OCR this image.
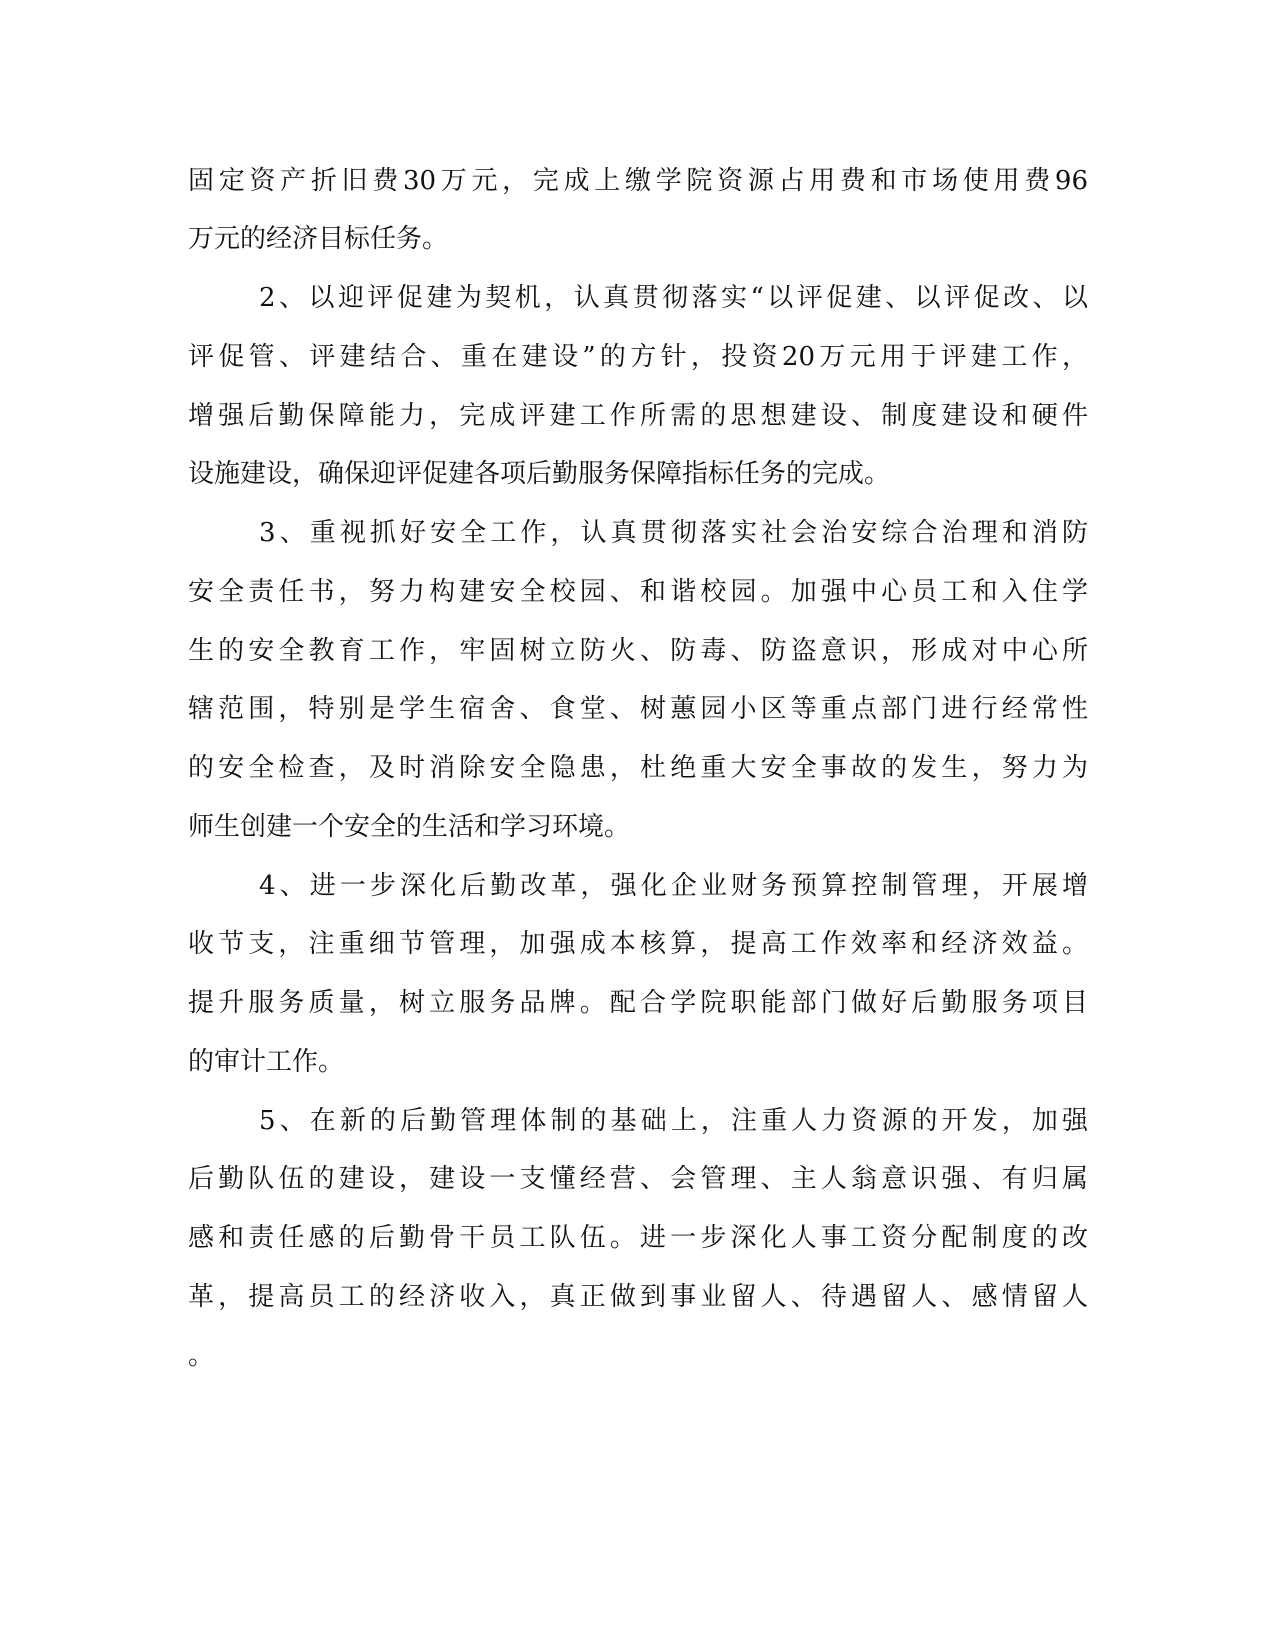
固定资产折旧费30万元，完成上缴学院资源占用费和市场使用费96
万元的经济目标任务。
2、以迎评促建为契机，认真贯彻落实“以评促建、以评促改、以
评促管、评建结合、重在建设”的方针，投资20万元用于评建工作，
增强后勤保障能力，完成评建工作所需的思想建设、制度建设和硬件
设施建设，确保迎评促建各项后勤服务保障指标任务的完成。
3、重视抓好安全工作，认真贯彻落实社会治安综合治理和消防
安全责任书，努力构建安全校园、和谐校园。加强中心员工和入住学
生的安全教育工作，牢固树立防火、防毒、防盗意识，形成对中心所
辖范围，特别是学生宿舍、食堂、树蕙园小区等重点部门进行经常性
的安全检查，及时消除安全隐患，杜绝重大安全事故的发生，努力为
师生创建一个安全的生活和学习环境。
4、进一步深化后勤改革，强化企业财务预算控制管理，开展增
收节支，注重细节管理，加强成本核算，提高工作效率和经济效益。
提升服务质量，树立服务品牌。配合学院职能部门做好后勤服务项目
的审计工作。
5、在新的后勤管理体制的基础上，注重人力资源的开发，加强
后勤队伍的建设，建设一支懂经营、会管理、主人翁意识强、有归属
感和责任感的后勤骨干员工队伍。进一步深化人事工资分配制度的改
革，提高员工的经济收入，真正做到事业留人、待遇留人、感情留人
。
